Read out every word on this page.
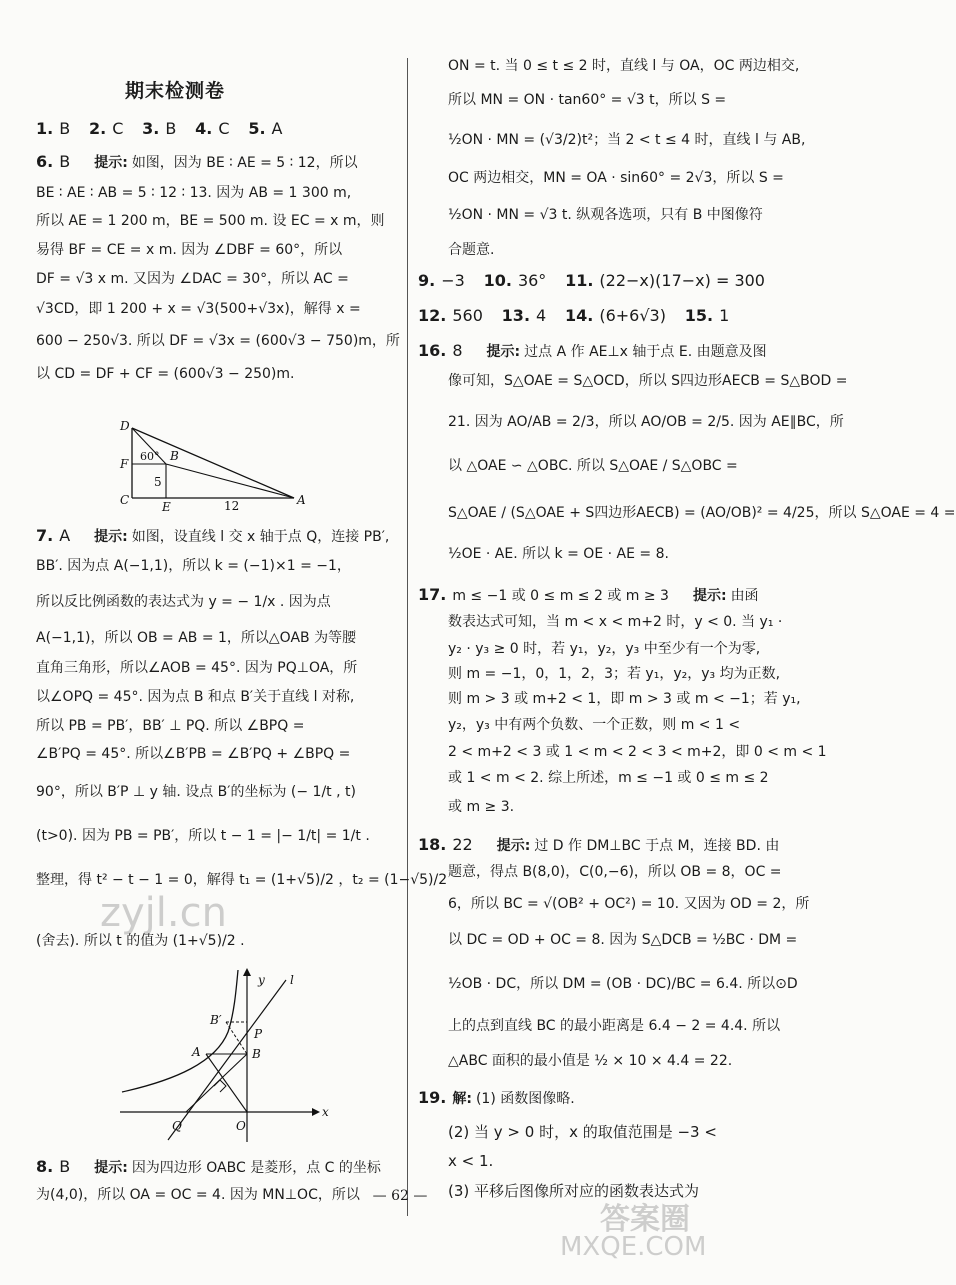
期末检测卷
1. B 2. C 3. B 4. C 5. A
6. B 提示: 如图，因为 BE ∶ AE = 5 ∶ 12，所以
BE ∶ AE ∶ AB = 5 ∶ 12 ∶ 13. 因为 AB = 1 300 m,
所以 AE = 1 200 m，BE = 500 m. 设 EC = x m，则
易得 BF = CE = x m. 因为 ∠DBF = 60°，所以
DF = √3 x m. 又因为 ∠DAC = 30°，所以 AC =
√3CD，即 1 200 + x = √3(500+√3x)，解得 x =
600 − 250√3. 所以 DF = √3x = (600√3 − 750)m，所
以 CD = DF + CF = (600√3 − 250)m.
D
F
B
C	E	A
60°
5
12
7. A 提示: 如图，设直线 l 交 x 轴于点 Q，连接 PB′,
BB′. 因为点 A(−1,1)，所以 k = (−1)×1 = −1，
所以反比例函数的表达式为 y = − 1/x . 因为点
A(−1,1)，所以 OB = AB = 1，所以△OAB 为等腰
直角三角形，所以∠AOB = 45°. 因为 PQ⊥OA，所
以∠OPQ = 45°. 因为点 B 和点 B′关于直线 l 对称,
所以 PB = PB′，BB′ ⊥ PQ. 所以 ∠BPQ =
∠B′PQ = 45°. 所以∠B′PB = ∠B′PQ + ∠BPQ =
90°，所以 B′P ⊥ y 轴. 设点 B′的坐标为 (− 1/t , t)
(t>0). 因为 PB = PB′，所以 t − 1 = |− 1/t| = 1/t .
整理，得 t² − t − 1 = 0，解得 t₁ = (1+√5)/2 ，t₂ = (1−√5)/2
(舍去). 所以 t 的值为 (1+√5)/2 .
y
x
l
B′
P
A	B
Q	O
8. B 提示: 因为四边形 OABC 是菱形，点 C 的坐标
为(4,0)，所以 OA = OC = 4. 因为 MN⊥OC，所以
ON = t. 当 0 ≤ t ≤ 2 时，直线 l 与 OA，OC 两边相交,
所以 MN = ON · tan60° = √3 t，所以 S =
½ON · MN = (√3/2)t²；当 2 < t ≤ 4 时，直线 l 与 AB,
OC 两边相交，MN = OA · sin60° = 2√3，所以 S =
½ON · MN = √3 t. 纵观各选项，只有 B 中图像符
合题意.
9. −3 10. 36° 11. (22−x)(17−x) = 300
12. 560 13. 4 14. (6+6√3) 15. 1
16. 8 提示: 过点 A 作 AE⊥x 轴于点 E. 由题意及图
像可知，S△OAE = S△OCD，所以 S四边形AECB = S△BOD =
21. 因为 AO/AB = 2/3，所以 AO/OB = 2/5. 因为 AE∥BC，所
以 △OAE ∽ △OBC. 所以 S△OAE / S△OBC =
S△OAE / (S△OAE + S四边形AECB) = (AO/OB)² = 4/25，所以 S△OAE = 4 =
½OE · AE. 所以 k = OE · AE = 8.
17. m ≤ −1 或 0 ≤ m ≤ 2 或 m ≥ 3 提示: 由函
数表达式可知，当 m < x < m+2 时，y < 0. 当 y₁ ·
y₂ · y₃ ≥ 0 时，若 y₁，y₂，y₃ 中至少有一个为零,
则 m = −1，0，1，2，3；若 y₁，y₂，y₃ 均为正数,
则 m > 3 或 m+2 < 1，即 m > 3 或 m < −1；若 y₁,
y₂，y₃ 中有两个负数、一个正数，则 m < 1 <
2 < m+2 < 3 或 1 < m < 2 < 3 < m+2，即 0 < m < 1
或 1 < m < 2. 综上所述，m ≤ −1 或 0 ≤ m ≤ 2
或 m ≥ 3.
18. 22 提示: 过 D 作 DM⊥BC 于点 M，连接 BD. 由
题意，得点 B(8,0)，C(0,−6)，所以 OB = 8，OC =
6，所以 BC = √(OB² + OC²) = 10. 又因为 OD = 2，所
以 DC = OD + OC = 8. 因为 S△DCB = ½BC · DM =
½OB · DC，所以 DM = (OB · DC)/BC = 6.4. 所以⊙D
上的点到直线 BC 的最小距离是 6.4 − 2 = 4.4. 所以
△ABC 面积的最小值是 ½ × 10 × 4.4 = 22.
19. 解: (1) 函数图像略.
(2) 当 y > 0 时，x 的取值范围是 −3 <
x < 1.
(3) 平移后图像所对应的函数表达式为
— 62 —
zyjl.cn
MXQE.COM
答案圈
